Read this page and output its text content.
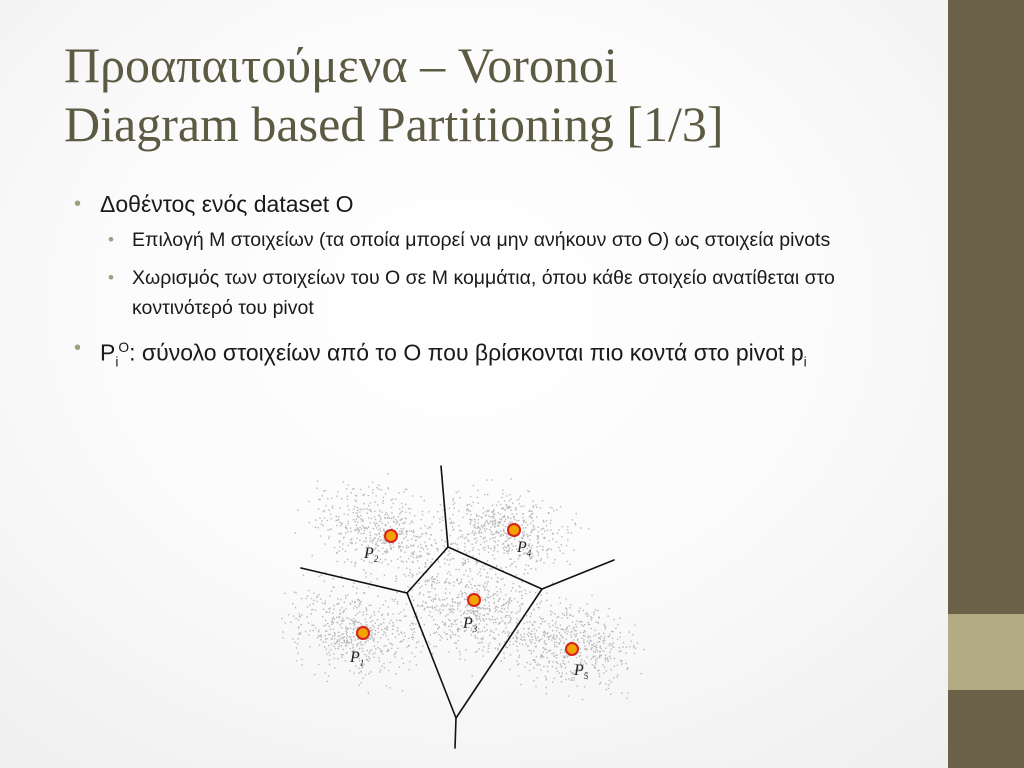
Προαπαιτούμενα – Voronoi
Diagram based Partitioning [1/3]
• Δοθέντος ενός dataset O
• Επιλογή M στοιχείων (τα οποία μπορεί να μην ανήκουν στο O) ως στοιχεία pivots
• Χωρισμός των στοιχείων του O σε M κομμάτια, όπου κάθε στοιχείο ανατίθεται στο κοντινότερό του pivot
• $P_i^O$: σύνολο στοιχείων από το O που βρίσκονται πιο κοντά στο pivot $p_i$
$P_1$
$P_2$
$P_3$
$P_4$
$P_5$
